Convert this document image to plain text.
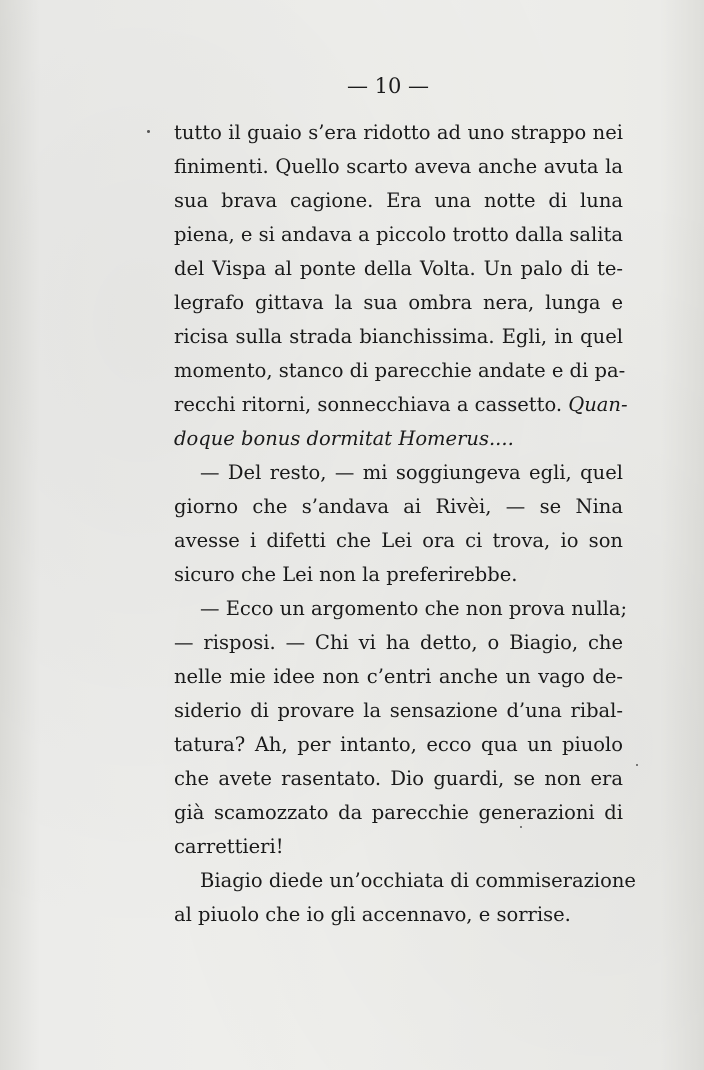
— 10 —
tutto il guaio s’era ridotto ad uno strappo nei
finimenti. Quello scarto aveva anche avuta la
sua brava cagione. Era una notte di luna
piena, e si andava a piccolo trotto dalla salita
del Vispa al ponte della Volta. Un palo di te-
legrafo gittava la sua ombra nera, lunga e
ricisa sulla strada bianchissima. Egli, in quel
momento, stanco di parecchie andate e di pa-
recchi ritorni, sonnecchiava a cassetto. Quan-
doque bonus dormitat Homerus....
— Del resto, — mi soggiungeva egli, quel
giorno che s’andava ai Rivèi, — se Nina
avesse i difetti che Lei ora ci trova, io son
sicuro che Lei non la preferirebbe.
— Ecco un argomento che non prova nulla;
— risposi. — Chi vi ha detto, o Biagio, che
nelle mie idee non c’entri anche un vago de-
siderio di provare la sensazione d’una ribal-
tatura? Ah, per intanto, ecco qua un piuolo
che avete rasentato. Dio guardi, se non era
già scamozzato da parecchie generazioni di
carrettieri!
Biagio diede un’occhiata di commiserazione
al piuolo che io gli accennavo, e sorrise.
